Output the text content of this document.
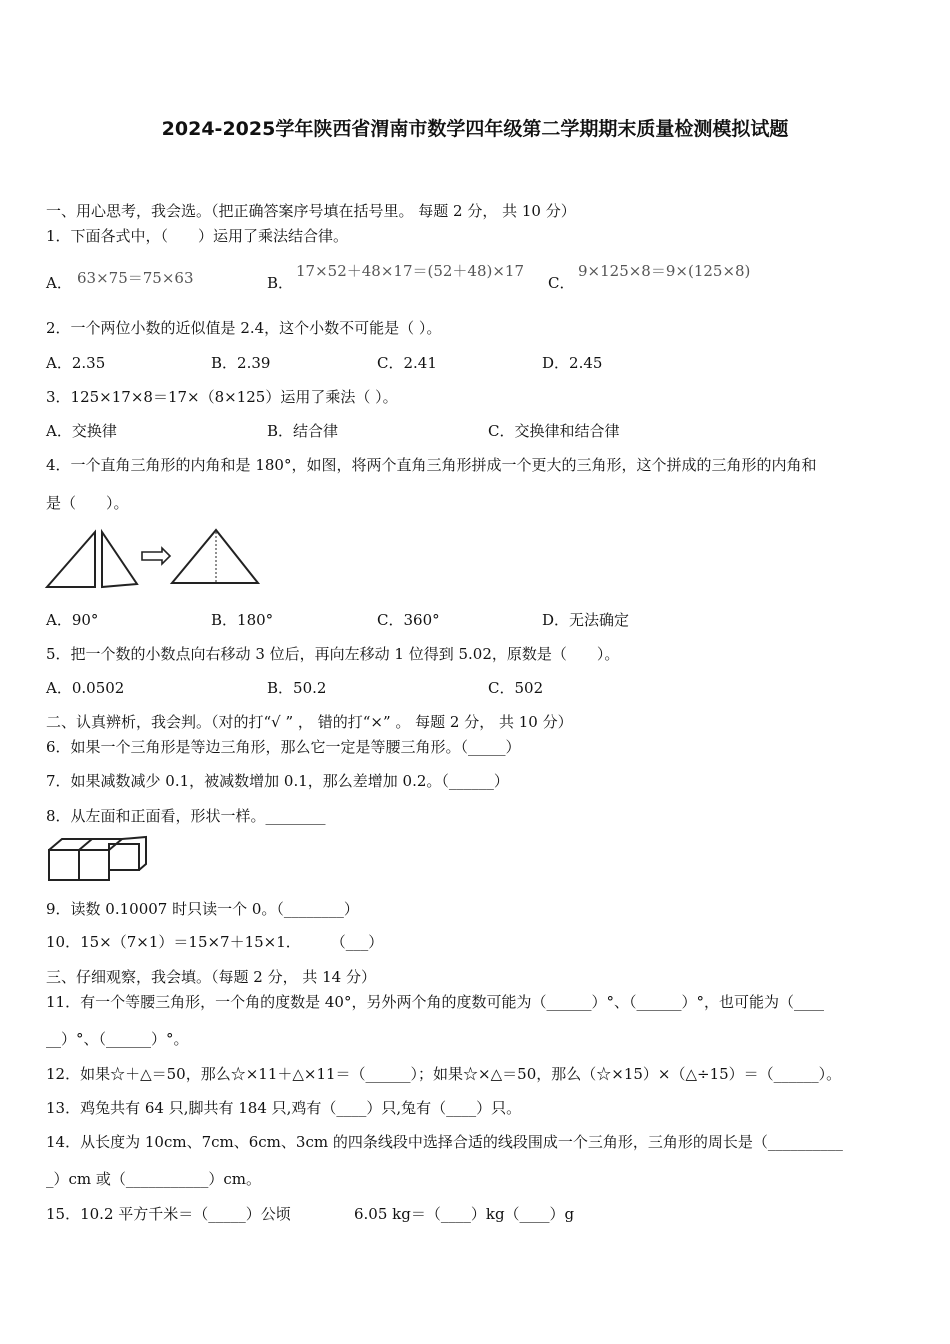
2024-2025学年陕西省渭南市数学四年级第二学期期末质量检测模拟试题
一、用心思考，我会选。（把正确答案序号填在括号里。 每题 2 分， 共 10 分）
1．下面各式中，（　　）运用了乘法结合律。
A． 63×75＝75×63	B．
17×52＋48×17＝(52＋48)×17
C．
9×125×8＝9×(125×8)
2．一个两位小数的近似值是 2.4，这个小数不可能是（ ）。
A．2.35	B．2.39	C．2.41	D．2.45
3．125×17×8＝17×（8×125）运用了乘法（ ）。
A．交换律	B．结合律	C．交换律和结合律
4．一个直角三角形的内角和是 180°，如图，将两个直角三角形拼成一个更大的三角形，这个拼成的三角形的内角和
是（　　）。
A．90°	B．180°	C．360°	D．无法确定
5．把一个数的小数点向右移动 3 位后，再向左移动 1 位得到 5.02，原数是（　　）。
A．0.0502	B．50.2	C．502
二、认真辨析，我会判。（对的打“√ ” ， 错的打“×” 。 每题 2 分， 共 10 分）
6．如果一个三角形是等边三角形，那么它一定是等腰三角形。（_____）
7．如果减数减少 0.1，被减数增加 0.1，那么差增加 0.2。（______）
8．从左面和正面看，形状一样。________
9．读数 0.10007 时只读一个 0。（________）
10．15×（7×1）＝15×7＋15×1．　　　（___）
三、仔细观察，我会填。（每题 2 分， 共 14 分）
11．有一个等腰三角形，一个角的度数是 40°，另外两个角的度数可能为（______）°、（______）°，也可能为（____
__）°、（______）°。
12．如果☆＋△＝50，那么☆×11＋△×11＝（______）；如果☆×△＝50，那么（☆×15）×（△÷15）＝（______）。
13．鸡兔共有 64 只,脚共有 184 只,鸡有（____）只,兔有（____）只。
14．从长度为 10cm、7cm、6cm、3cm 的四条线段中选择合适的线段围成一个三角形，三角形的周长是（__________
_）cm 或（___________）cm。
15．10.2 平方千米＝（_____）公顷	6.05 kg＝（____）kg（____）g
